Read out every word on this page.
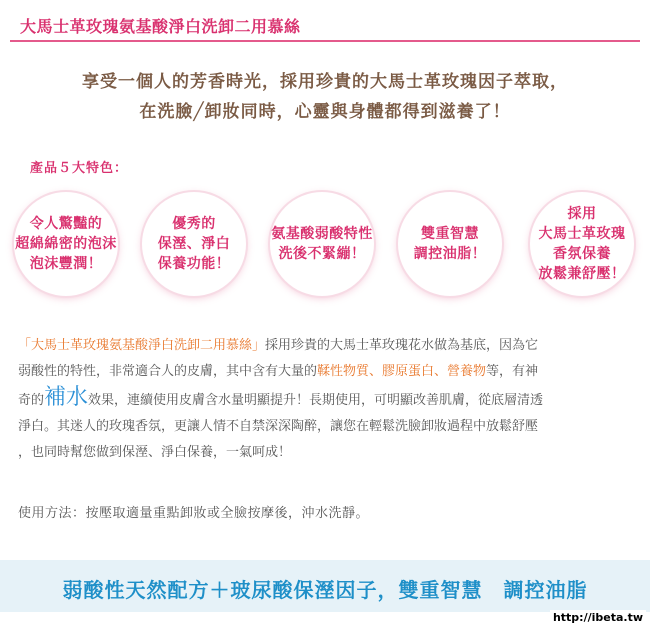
大馬士革玫瑰氨基酸淨白洗卸二用慕絲
享受一個人的芳香時光，採用珍貴的大馬士革玫瑰因子萃取，
在洗臉╱卸妝同時，心靈與身體都得到滋養了！
產品５大特色：
令人驚豔的
超綿綿密的泡沫
泡沫豐潤！
優秀的
保溼、淨白
保養功能！
氨基酸弱酸特性
洗後不緊繃！
雙重智慧
調控油脂！
採用
大馬士革玫瑰
香氛保養
放鬆兼舒壓！
「大馬士革玫瑰氨基酸淨白洗卸二用慕絲」採用珍貴的大馬士革玫瑰花水做為基底，因為它
弱酸性的特性，非常適合人的皮膚，其中含有大量的鞣性物質、膠原蛋白、營養物等，有神
奇的補水效果，連續使用皮膚含水量明顯提升！長期使用，可明顯改善肌膚，從底層清透
淨白。其迷人的玫瑰香氛，更讓人情不自禁深深陶醉，讓您在輕鬆洗臉卸妝過程中放鬆舒壓
，也同時幫您做到保溼、淨白保養，一氣呵成！
使用方法：按壓取適量重點卸妝或全臉按摩後，沖水洗靜。
弱酸性天然配方＋玻尿酸保溼因子，雙重智慧　調控油脂
http://ibeta.tw
